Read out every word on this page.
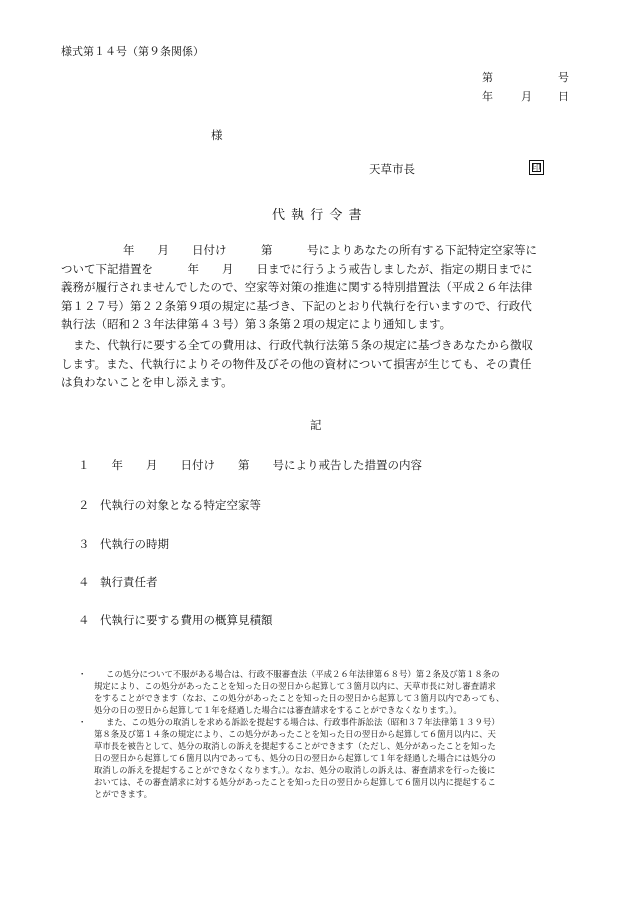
様式第１４号（第９条関係）
第	号
年	月 日
様
天草市長	印
代 執 行 令 書
年　　月　　日付け　　　第　　　号によりあなたの所有する下記特定空家等に
ついて下記措置を　　　年　　月　　日までに行うよう戒告しましたが、指定の期日までに
義務が履行されませんでしたので、空家等対策の推進に関する特別措置法（平成２６年法律
第１２７号）第２２条第９項の規定に基づき、下記のとおり代執行を行いますので、行政代
執行法（昭和２３年法律第４３号）第３条第２項の規定により通知します。
また、代執行に要する全ての費用は、行政代執行法第５条の規定に基づきあなたから徴収
します。また、代執行によりその物件及びその他の資材について損害が生じても、その責任
は負わないことを申し添えます。
記
１　年　　月　　日付け　　第　　号により戒告した措置の内容
２ 代執行の対象となる特定空家等
３ 代執行の時期
４ 執行責任者
４ 代執行に要する費用の概算見積額
・	この処分について不服がある場合は、行政不服審査法（平成２６年法律第６８号）第２条及び第１８条の
規定により、この処分があったことを知った日の翌日から起算して３箇月以内に、天草市長に対し審査請求
をすることができます（なお、この処分があったことを知った日の翌日から起算して３箇月以内であっても、
処分の日の翌日から起算して１年を経過した場合には審査請求をすることができなくなります。）。
・	また、この処分の取消しを求める訴訟を提起する場合は、行政事件訴訟法（昭和３７年法律第１３９号）
第８条及び第１４条の規定により、この処分があったことを知った日の翌日から起算して６箇月以内に、天
草市長を被告として、処分の取消しの訴えを提起することができます（ただし、処分があったことを知った
日の翌日から起算して６箇月以内であっても、処分の日の翌日から起算して１年を経過した場合には処分の
取消しの訴えを提起することができなくなります。）。なお、処分の取消しの訴えは、審査請求を行った後に
おいては、その審査請求に対する処分があったことを知った日の翌日から起算して６箇月以内に提起するこ
とができます。
